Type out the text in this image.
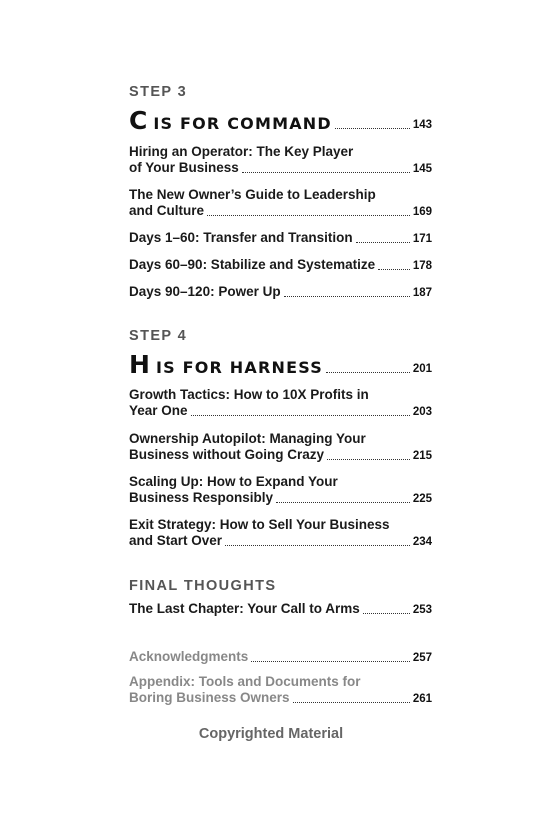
STEP 3
C IS FOR COMMAND	143
Hiring an Operator: The Key Player
of Your Business	145
The New Owner’s Guide to Leadership
and Culture	169
Days 1–60: Transfer and Transition	171
Days 60–90: Stabilize and Systematize	178
Days 90–120: Power Up	187
STEP 4
H IS FOR HARNESS	201
Growth Tactics: How to 10X Profits in
Year One	203
Ownership Autopilot: Managing Your
Business without Going Crazy	215
Scaling Up: How to Expand Your
Business Responsibly	225
Exit Strategy: How to Sell Your Business
and Start Over	234
FINAL THOUGHTS
The Last Chapter: Your Call to Arms	253
Acknowledgments	257
Appendix: Tools and Documents for
Boring Business Owners	261
Copyrighted Material
